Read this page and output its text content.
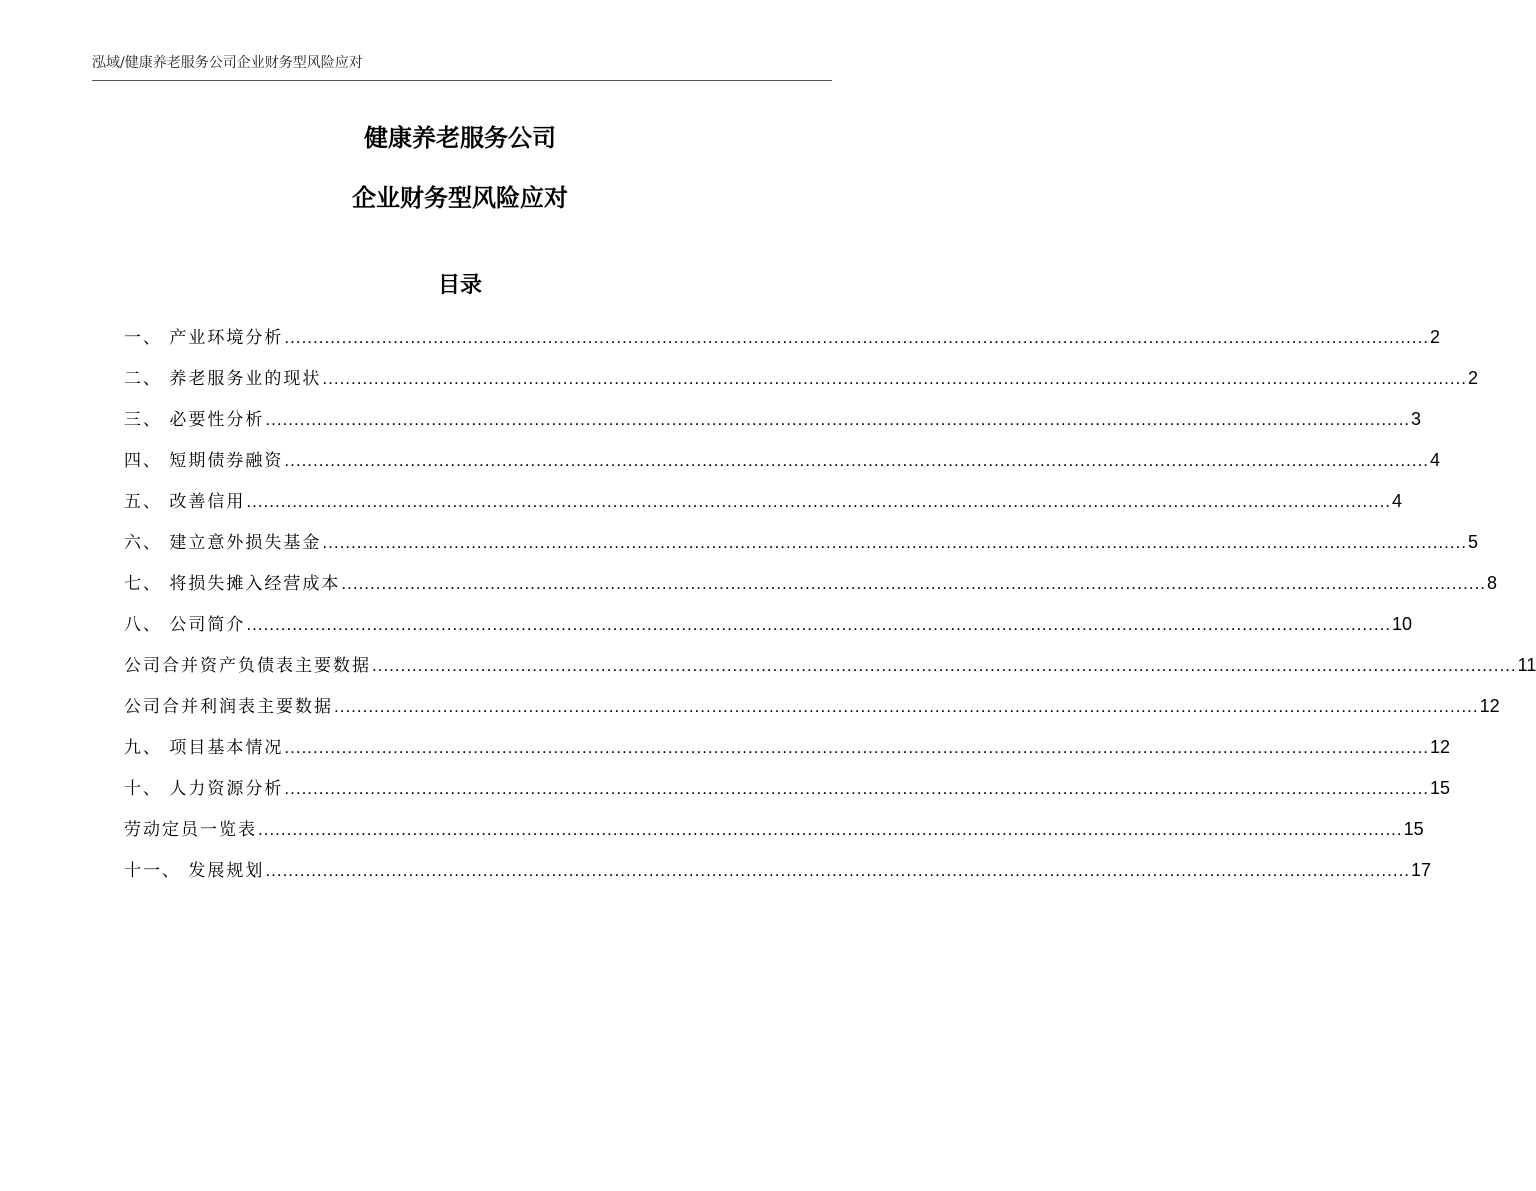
泓域/健康养老服务公司企业财务型风险应对
健康养老服务公司
企业财务型风险应对
目录
一、 产业环境分析 ........................................................................................................................................................................................................ 2
二、 养老服务业的现状 ........................................................................................................................................................................................................ 2
三、 必要性分析 ........................................................................................................................................................................................................ 3
四、 短期债券融资 ........................................................................................................................................................................................................ 4
五、 改善信用 ........................................................................................................................................................................................................ 4
六、 建立意外损失基金 ........................................................................................................................................................................................................ 5
七、 将损失摊入经营成本 ........................................................................................................................................................................................................ 8
八、 公司简介 ........................................................................................................................................................................................................ 10
公司合并资产负债表主要数据 ........................................................................................................................................................................................................ 11
公司合并利润表主要数据 ........................................................................................................................................................................................................ 12
九、 项目基本情况 ........................................................................................................................................................................................................ 12
十、 人力资源分析 ........................................................................................................................................................................................................ 15
劳动定员一览表 ........................................................................................................................................................................................................ 15
十一、 发展规划 ........................................................................................................................................................................................................ 17
